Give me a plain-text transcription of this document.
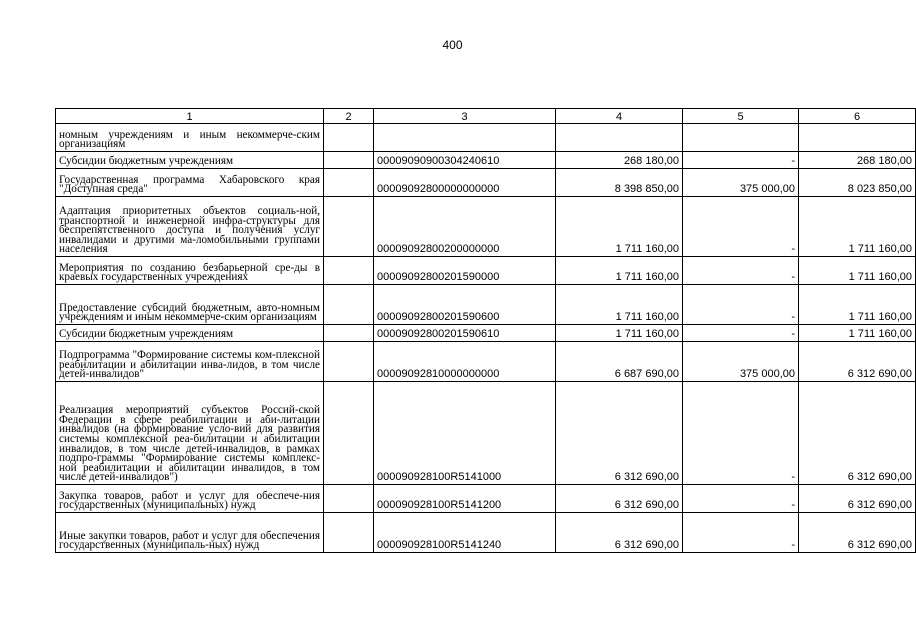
400
1	2	3	4	5	6

номным учреждениям и иным некоммерче-ским организациям					

Субсидии бюджетным учреждениям		00009090900304240610	268 180,00	-	268 180,00
Государственная программа Хабаровского края "Доступная среда"		00009092800000000000	8 398 850,00	375 000,00	8 023 850,00
Адаптация приоритетных объектов социаль-ной, транспортной и инженерной инфра-структуры для беспрепятственного доступа и получения услуг инвалидами и другими ма-ломобильными группами населения		00009092800200000000	1 711 160,00	-	1 711 160,00
Мероприятия по созданию безбарьерной сре-ды в краевых государственных учреждениях		00009092800201590000	1 711 160,00	-	1 711 160,00
Предоставление субсидий бюджетным, авто-номным учреждениям и иным некоммерче-ским организациям		00009092800201590600	1 711 160,00	-	1 711 160,00
Субсидии бюджетным учреждениям		00009092800201590610	1 711 160,00	-	1 711 160,00
Подпрограмма "Формирование системы ком-плексной реабилитации и абилитации инва-лидов, в том числе детей-инвалидов"		00009092810000000000	6 687 690,00	375 000,00	6 312 690,00
Реализация мероприятий субъектов Россий-ской Федерации в сфере реабилитации и аби-литации инвалидов (на формирование усло-вий для развития системы комплексной реа-билитации и абилитации инвалидов, в том числе детей-инвалидов, в рамках подпро-граммы "Формирование системы комплекс-ной реабилитации и абилитации инвалидов, в том числе детей-инвалидов")		000090928100R5141000	6 312 690,00	-	6 312 690,00
Закупка товаров, работ и услуг для обеспече-ния государственных (муниципальных) нужд		000090928100R5141200	6 312 690,00	-	6 312 690,00
Иные закупки товаров, работ и услуг для обеспечения государственных (муниципаль-ных) нужд		000090928100R5141240	6 312 690,00	-	6 312 690,00
